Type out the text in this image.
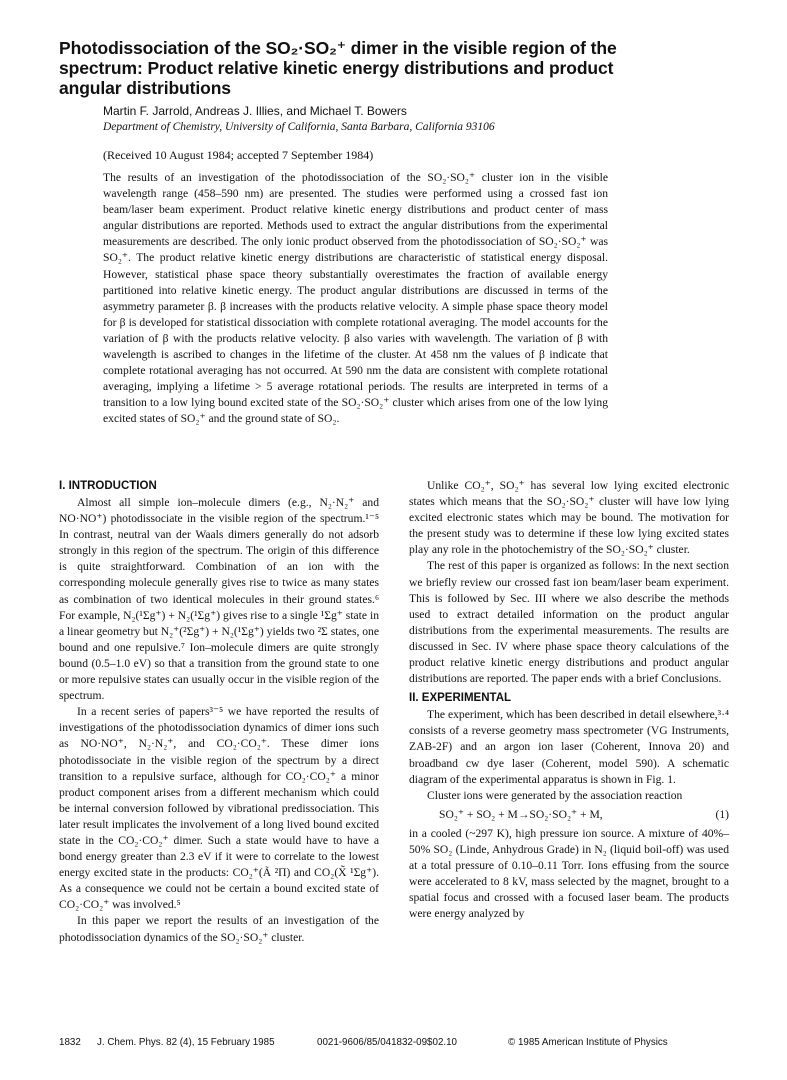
Photodissociation of the SO₂·SO₂⁺ dimer in the visible region of the spectrum: Product relative kinetic energy distributions and product angular distributions
Martin F. Jarrold, Andreas J. Illies, and Michael T. Bowers
Department of Chemistry, University of California, Santa Barbara, California 93106
(Received 10 August 1984; accepted 7 September 1984)

The results of an investigation of the photodissociation of the SO₂·SO₂⁺ cluster ion in the visible wavelength range (458–590 nm) are presented. The studies were performed using a crossed fast ion beam/laser beam experiment. Product relative kinetic energy distributions and product center of mass angular distributions are reported. Methods used to extract the angular distributions from the experimental measurements are described. The only ionic product observed from the photodissociation of SO₂·SO₂⁺ was SO₂⁺. The product relative kinetic energy distributions are characteristic of statistical energy disposal. However, statistical phase space theory substantially overestimates the fraction of available energy partitioned into relative kinetic energy. The product angular distributions are discussed in terms of the asymmetry parameter β. β increases with the products relative velocity. A simple phase space theory model for β is developed for statistical dissociation with complete rotational averaging. The model accounts for the variation of β with the products relative velocity. β also varies with wavelength. The variation of β with wavelength is ascribed to changes in the lifetime of the cluster. At 458 nm the values of β indicate that complete rotational averaging has not occurred. At 590 nm the data are consistent with complete rotational averaging, implying a lifetime > 5 average rotational periods. The results are interpreted in terms of a transition to a low lying bound excited state of the SO₂·SO₂⁺ cluster which arises from one of the low lying excited states of SO₂⁺ and the ground state of SO₂.

I. INTRODUCTION

Almost all simple ion–molecule dimers (e.g., N₂·N₂⁺ and NO·NO⁺) photodissociate in the visible region of the spectrum.¹⁻⁵ In contrast, neutral van der Waals dimers generally do not adsorb strongly in this region of the spectrum. The origin of this difference is quite straightforward. Combination of an ion with the corresponding molecule generally gives rise to twice as many states as combination of two identical molecules in their ground states.⁶ For example, N₂(¹Σg⁺) + N₂(¹Σg⁺) gives rise to a single ¹Σg⁺ state in a linear geometry but N₂⁺(²Σg⁺) + N₂(¹Σg⁺) yields two ²Σ states, one bound and one repulsive.⁷ Ion–molecule dimers are quite strongly bound (0.5–1.0 eV) so that a transition from the ground state to one or more repulsive states can usually occur in the visible region of the spectrum.

In a recent series of papers³⁻⁵ we have reported the results of investigations of the photodissociation dynamics of dimer ions such as NO·NO⁺, N₂·N₂⁺, and CO₂·CO₂⁺. These dimer ions photodissociate in the visible region of the spectrum by a direct transition to a repulsive surface, although for CO₂·CO₂⁺ a minor product component arises from a different mechanism which could be internal conversion followed by vibrational predissociation. This later result implicates the involvement of a long lived bound excited state in the CO₂·CO₂⁺ dimer. Such a state would have to have a bond energy greater than 2.3 eV if it were to correlate to the lowest energy excited state in the products: CO₂⁺(Ã ²Π) and CO₂(X̃ ¹Σg⁺). As a consequence we could not be certain a bound excited state of CO₂·CO₂⁺ was involved.⁵

In this paper we report the results of an investigation of the photodissociation dynamics of the SO₂·SO₂⁺ cluster.

Unlike CO₂⁺, SO₂⁺ has several low lying excited electronic states which means that the SO₂·SO₂⁺ cluster will have low lying excited electronic states which may be bound. The motivation for the present study was to determine if these low lying excited states play any role in the photochemistry of the SO₂·SO₂⁺ cluster.

The rest of this paper is organized as follows: In the next section we briefly review our crossed fast ion beam/laser beam experiment. This is followed by Sec. III where we also describe the methods used to extract detailed information on the product angular distributions from the experimental measurements. The results are discussed in Sec. IV where phase space theory calculations of the product relative kinetic energy distributions and product angular distributions are reported. The paper ends with a brief Conclusions.

II. EXPERIMENTAL

The experiment, which has been described in detail elsewhere,³·⁴ consists of a reverse geometry mass spectrometer (VG Instruments, ZAB-2F) and an argon ion laser (Coherent, Innova 20) and broadband cw dye laser (Coherent, model 590). A schematic diagram of the experimental apparatus is shown in Fig. 1.

Cluster ions were generated by the association reaction

SO₂⁺ + SO₂ + M→SO₂·SO₂⁺ + M,	(1)

in a cooled (~297 K), high pressure ion source. A mixture of 40%–50% SO₂ (Linde, Anhydrous Grade) in N₂ (liquid boil-off) was used at a total pressure of 0.10–0.11 Torr. Ions effusing from the source were accelerated to 8 kV, mass selected by the magnet, brought to a spatial focus and crossed with a focused laser beam. The products were energy analyzed by

1832 J. Chem. Phys. 82 (4), 15 February 1985	0021-9606/85/041832-09$02.10	© 1985 American Institute of Physics
